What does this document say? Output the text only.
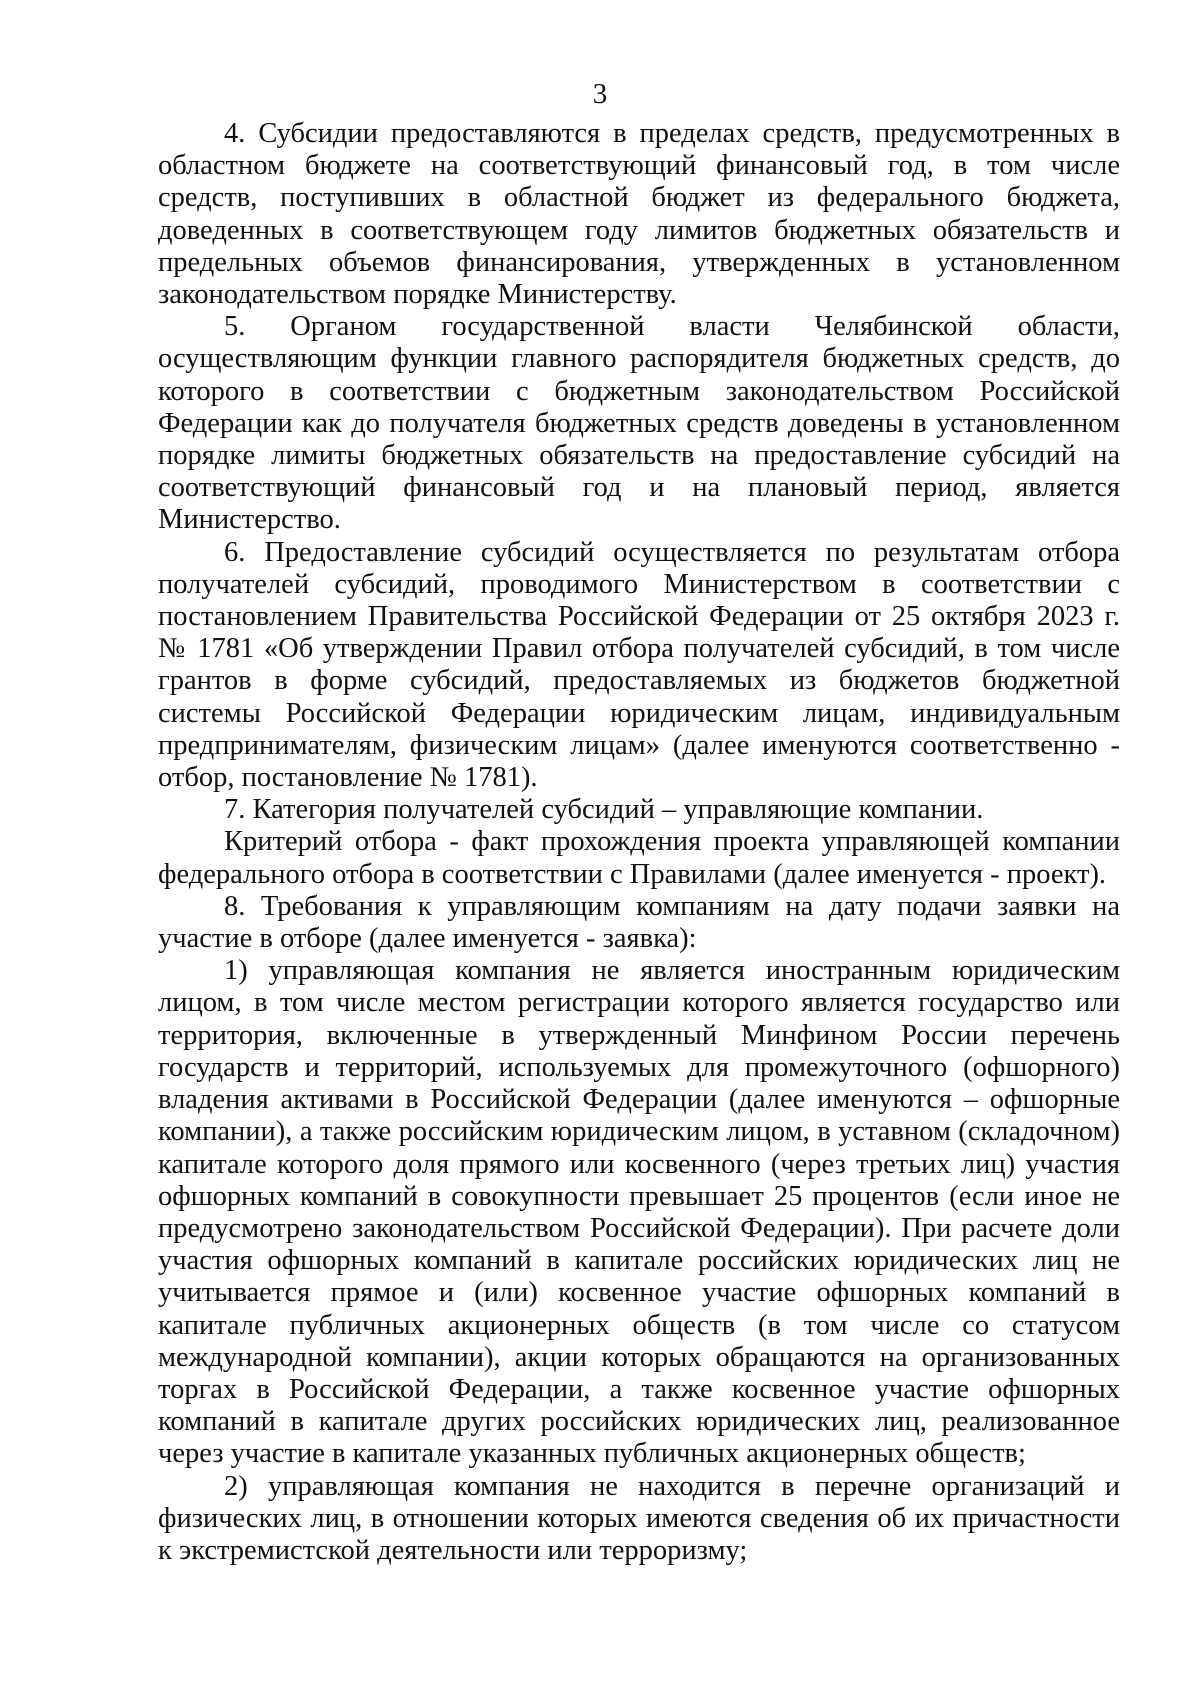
3

4. Субсидии предоставляются в пределах средств, предусмотренных в областном бюджете на соответствующий финансовый год, в том числе средств, поступивших в областной бюджет из федерального бюджета, доведенных в соответствующем году лимитов бюджетных обязательств и предельных объемов финансирования, утвержденных в установленном законодательством порядке Министерству.

5. Органом государственной власти Челябинской области, осуществляющим функции главного распорядителя бюджетных средств, до которого в соответствии с бюджетным законодательством Российской Федерации как до получателя бюджетных средств доведены в установленном порядке лимиты бюджетных обязательств на предоставление субсидий на соответствующий финансовый год и на плановый период, является Министерство.

6. Предоставление субсидий осуществляется по результатам отбора получателей субсидий, проводимого Министерством в соответствии с постановлением Правительства Российской Федерации от 25 октября 2023 г. № 1781 «Об утверждении Правил отбора получателей субсидий, в том числе грантов в форме субсидий, предоставляемых из бюджетов бюджетной системы Российской Федерации юридическим лицам, индивидуальным предпринимателям, физическим лицам» (далее именуются соответственно - отбор, постановление № 1781).

7. Категория получателей субсидий – управляющие компании.

Критерий отбора - факт прохождения проекта управляющей компании федерального отбора в соответствии с Правилами (далее именуется - проект).

8. Требования к управляющим компаниям на дату подачи заявки на участие в отборе (далее именуется - заявка):

1) управляющая компания не является иностранным юридическим лицом, в том числе местом регистрации которого является государство или территория, включенные в утвержденный Минфином России перечень государств и территорий, используемых для промежуточного (офшорного) владения активами в Российской Федерации (далее именуются – офшорные компании), а также российским юридическим лицом, в уставном (складочном) капитале которого доля прямого или косвенного (через третьих лиц) участия офшорных компаний в совокупности превышает 25 процентов (если иное не предусмотрено законодательством Российской Федерации). При расчете доли участия офшорных компаний в капитале российских юридических лиц не учитывается прямое и (или) косвенное участие офшорных компаний в капитале публичных акционерных обществ (в том числе со статусом международной компании), акции которых обращаются на организованных торгах в Российской Федерации, а также косвенное участие офшорных компаний в капитале других российских юридических лиц, реализованное через участие в капитале указанных публичных акционерных обществ;

2) управляющая компания не находится в перечне организаций и физических лиц, в отношении которых имеются сведения об их причастности к экстремистской деятельности или терроризму;
